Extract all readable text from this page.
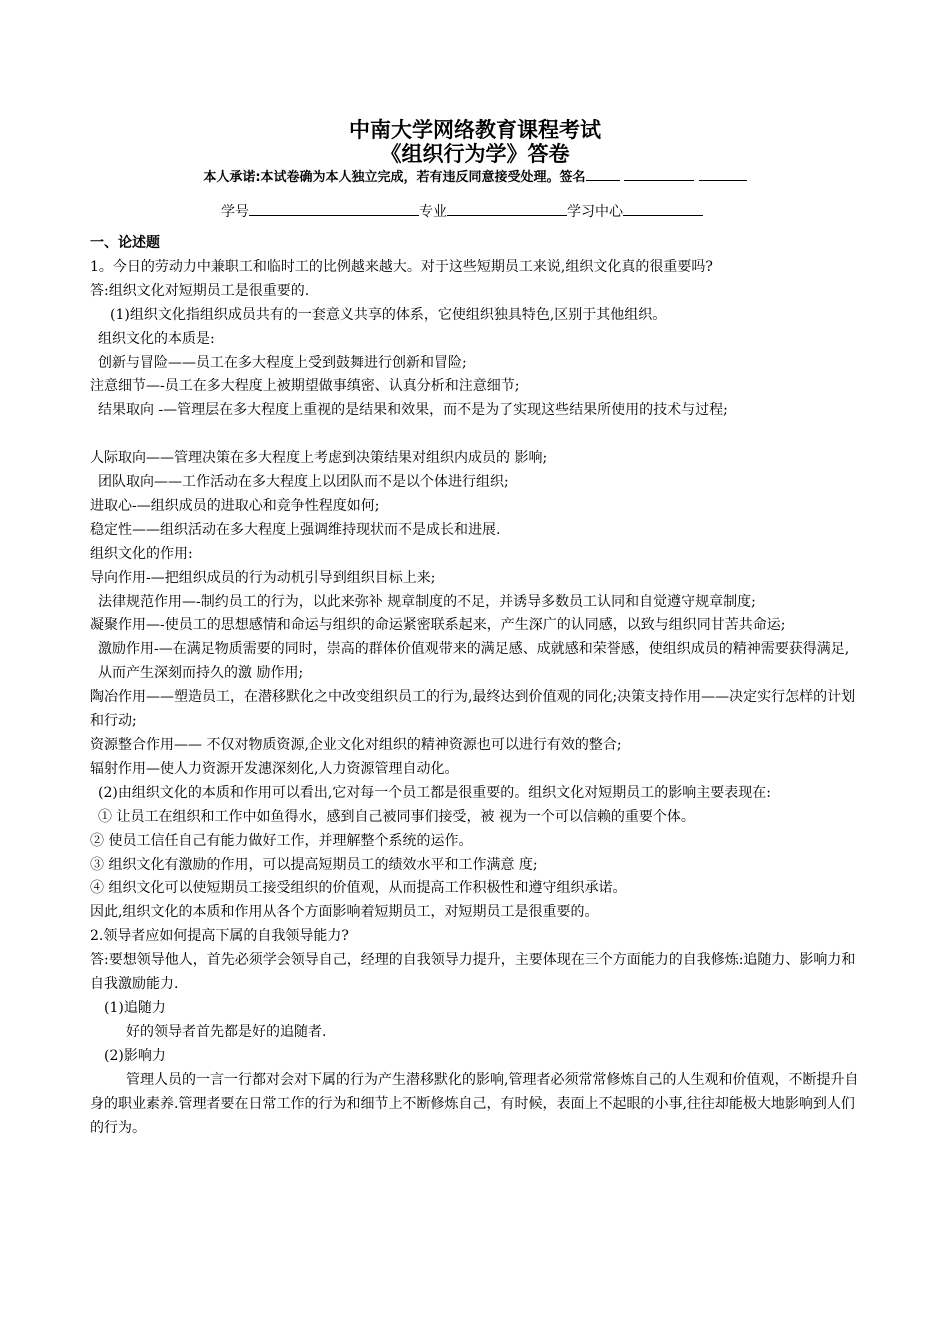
中南大学网络教育课程考试
《组织行为学》答卷
本人承诺:本试卷确为本人独立完成，若有违反同意接受处理。签名
学号	专业	学习中心

一、论述题

1。今日的劳动力中兼职工和临时工的比例越来越大。对于这些短期员工来说,组织文化真的很重要吗?

答:组织文化对短期员工是很重要的.

(1)组织文化指组织成员共有的一套意义共享的体系，它使组织独具特色,区别于其他组织。

组织文化的本质是:

创新与冒险——员工在多大程度上受到鼓舞进行创新和冒险;

注意细节—-员工在多大程度上被期望做事缜密、认真分析和注意细节;

结果取向 -—管理层在多大程度上重视的是结果和效果，而不是为了实现这些结果所使用的技术与过程;

人际取向——管理决策在多大程度上考虑到决策结果对组织内成员的 影响;

团队取向——工作活动在多大程度上以团队而不是以个体进行组织;

进取心-—组织成员的进取心和竞争性程度如何;

稳定性——组织活动在多大程度上强调维持现状而不是成长和进展.

组织文化的作用:

导向作用-—把组织成员的行为动机引导到组织目标上来;

法律规范作用—-制约员工的行为，以此来弥补 规章制度的不足，并诱导多数员工认同和自觉遵守规章制度;

凝聚作用—-使员工的思想感情和命运与组织的命运紧密联系起来，产生深广的认同感，以致与组织同甘苦共命运;

激励作用-—在满足物质需要的同时，崇高的群体价值观带来的满足感、成就感和荣誉感，使组织成员的精神需要获得满足,从而产生深刻而持久的激 励作用;

陶冶作用——塑造员工，在潜移默化之中改变组织员工的行为,最终达到价值观的同化;决策支持作用——决定实行怎样的计划和行动;

资源整合作用—— 不仅对物质资源,企业文化对组织的精神资源也可以进行有效的整合;

辐射作用—使人力资源开发潓深刻化,人力资源管理自动化。

(2)由组织文化的本质和作用可以看出,它对每一个员工都是很重要的。组织文化对短期员工的影响主要表现在:

① 让员工在组织和工作中如鱼得水，感到自己被同事们接受，被 视为一个可以信赖的重要个体。

② 使员工信任自己有能力做好工作，并理解整个系统的运作。

③ 组织文化有激励的作用，可以提高短期员工的绩效水平和工作满意 度;

④ 组织文化可以使短期员工接受组织的价值观，从而提高工作积极性和遵守组织承诺。

因此,组织文化的本质和作用从各个方面影响着短期员工，对短期员工是很重要的。

2.领导者应如何提高下属的自我领导能力?

答:要想领导他人，首先必须学会领导自己，经理的自我领导力提升，主要体现在三个方面能力的自我修炼:追随力、影响力和自我激励能力.

(1)追随力

好的领导者首先都是好的追随者.

(2)影响力

管理人员的一言一行都对会对下属的行为产生潜移默化的影响,管理者必须常常修炼自己的人生观和价值观，不断提升自身的职业素养.管理者要在日常工作的行为和细节上不断修炼自己，有时候，表面上不起眼的小事,往往却能极大地影响到人们的行为。
